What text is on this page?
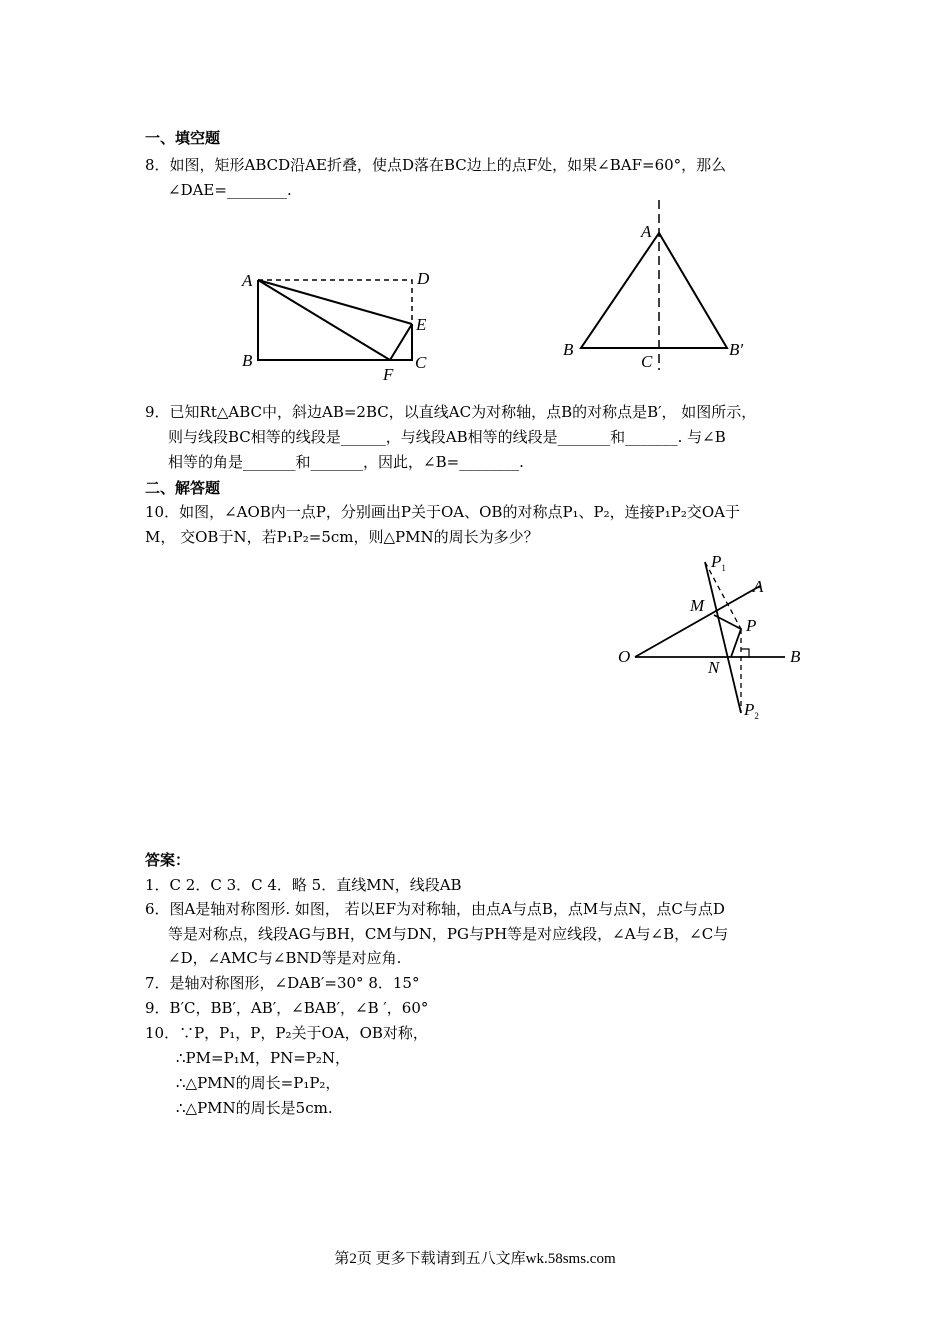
一、填空题
8．如图，矩形ABCD沿AE折叠，使点D落在BC边上的点F处，如果∠BAF=60°，那么
∠DAE=________.
A
B	C
D
E
F
A
B
C
B′
9．已知Rt△ABC中，斜边AB=2BC，以直线AC为对称轴，点B的对称点是B′， 如图所示，
则与线段BC相等的线段是______，与线段AB相等的线段是_______和_______. 与∠B
相等的角是_______和_______，因此，∠B=________.
二、解答题
10．如图，∠AOB内一点P，分别画出P关于OA、OB的对称点P₁、P₂，连接P₁P₂交OA于
M， 交OB于N，若P₁P₂=5cm，则△PMN的周长为多少？
O
A
B
M
N
P
$P_1$
$P_2$
答案：
1．C 2．C 3．C 4．略 5．直线MN，线段AB
6．图A是轴对称图形. 如图， 若以EF为对称轴，由点A与点B，点M与点N，点C与点D
等是对称点，线段AG与BH，CM与DN，PG与PH等是对应线段，∠A与∠B，∠C与
∠D，∠AMC与∠BND等是对应角.
7．是轴对称图形，∠DAB′=30° 8．15°
9．B′C，BB′，AB′，∠BAB′，∠B ′，60°
10．∵P，P₁，P，P₂关于OA，OB对称，
∴PM=P₁M，PN=P₂N，
∴△PMN的周长=P₁P₂，
∴△PMN的周长是5cm.
第2页 更多下载请到五八文库wk.58sms.com
